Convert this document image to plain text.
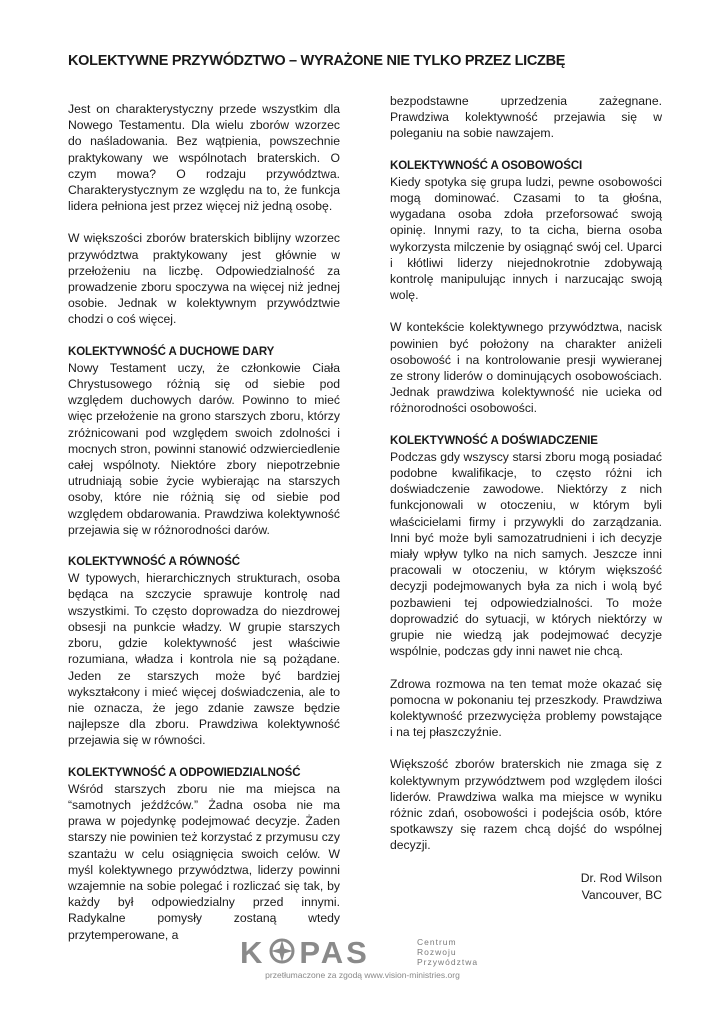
KOLEKTYWNE PRZYWÓDZTWO – WYRAŻONE NIE TYLKO PRZEZ LICZBĘ

Jest on charakterystyczny przede wszystkim dla Nowego Testamentu. Dla wielu zborów wzorzec do naśladowania. Bez wątpienia, powszechnie praktykowany we wspólnotach braterskich. O czym mowa? O rodzaju przywództwa. Charakterystycznym ze względu na to, że funkcja lidera pełniona jest przez więcej niż jedną osobę.

W większości zborów braterskich biblijny wzorzec przywództwa praktykowany jest głównie w przełożeniu na liczbę. Odpowiedzialność za prowadzenie zboru spoczywa na więcej niż jednej osobie. Jednak w kolektywnym przywództwie chodzi o coś więcej.

KOLEKTYWNOŚĆ A DUCHOWE DARY

Nowy Testament uczy, że członkowie Ciała Chrystusowego różnią się od siebie pod względem duchowych darów. Powinno to mieć więc przełożenie na grono starszych zboru, którzy zróżnicowani pod względem swoich zdolności i mocnych stron, powinni stanowić odzwierciedlenie całej wspólnoty. Niektóre zbory niepotrzebnie utrudniają sobie życie wybierając na starszych osoby, które nie różnią się od siebie pod względem obdarowania. Prawdziwa kolektywność przejawia się w różnorodności darów.

KOLEKTYWNOŚĆ A RÓWNOŚĆ

W typowych, hierarchicznych strukturach, osoba będąca na szczycie sprawuje kontrolę nad wszystkimi. To często doprowadza do niezdrowej obsesji na punkcie władzy. W grupie starszych zboru, gdzie kolektywność jest właściwie rozumiana, władza i kontrola nie są pożądane. Jeden ze starszych może być bardziej wykształcony i mieć więcej doświadczenia, ale to nie oznacza, że jego zdanie zawsze będzie najlepsze dla zboru. Prawdziwa kolektywność przejawia się w równości.

KOLEKTYWNOŚĆ A ODPOWIEDZIALNOŚĆ

Wśród starszych zboru nie ma miejsca na “samotnych jeźdźców.” Żadna osoba nie ma prawa w pojedynkę podejmować decyzje. Żaden starszy nie powinien też korzystać z przymusu czy szantażu w celu osiągnięcia swoich celów. W myśl kolektywnego przywództwa, liderzy powinni wzajemnie na sobie polegać i rozliczać się tak, by każdy był odpowiedzialny przed innymi. Radykalne pomysły zostaną wtedy przytemperowane, a

bezpodstawne uprzedzenia zażegnane. Prawdziwa kolektywność przejawia się w poleganiu na sobie nawzajem.

KOLEKTYWNOŚĆ A OSOBOWOŚCI

Kiedy spotyka się grupa ludzi, pewne osobowości mogą dominować. Czasami to ta głośna, wygadana osoba zdoła przeforsować swoją opinię. Innymi razy, to ta cicha, bierna osoba wykorzysta milczenie by osiągnąć swój cel. Uparci i kłótliwi liderzy niejednokrotnie zdobywają kontrolę manipulując innych i narzucając swoją wolę.

W kontekście kolektywnego przywództwa, nacisk powinien być położony na charakter aniżeli osobowość i na kontrolowanie presji wywieranej ze strony liderów o dominujących osobowościach. Jednak prawdziwa kolektywność nie ucieka od różnorodności osobowości.

KOLEKTYWNOŚĆ A DOŚWIADCZENIE

Podczas gdy wszyscy starsi zboru mogą posiadać podobne kwalifikacje, to często różni ich doświadczenie zawodowe. Niektórzy z nich funkcjonowali w otoczeniu, w którym byli właścicielami firmy i przywykli do zarządzania. Inni być może byli samozatrudnieni i ich decyzje miały wpływ tylko na nich samych. Jeszcze inni pracowali w otoczeniu, w którym większość decyzji podejmowanych była za nich i wolą być pozbawieni tej odpowiedzialności. To może doprowadzić do sytuacji, w których niektórzy w grupie nie wiedzą jak podejmować decyzje wspólnie, podczas gdy inni nawet nie chcą.

Zdrowa rozmowa na ten temat może okazać się pomocna w pokonaniu tej przeszkody. Prawdziwa kolektywność przezwycięża problemy powstające i na tej płaszczyźnie.

Większość zborów braterskich nie zmaga się z kolektywnym przywództwem pod względem ilości liderów. Prawdziwa walka ma miejsce w wyniku różnic zdań, osobowości i podejścia osób, które spotkawszy się razem chcą dojść do wspólnej decyzji.

Dr. Rod Wilson
Vancouver, BC
K PAS	Centrum
Rozwoju
Przywództwa
przetłumaczone za zgodą www.vision-ministries.org
